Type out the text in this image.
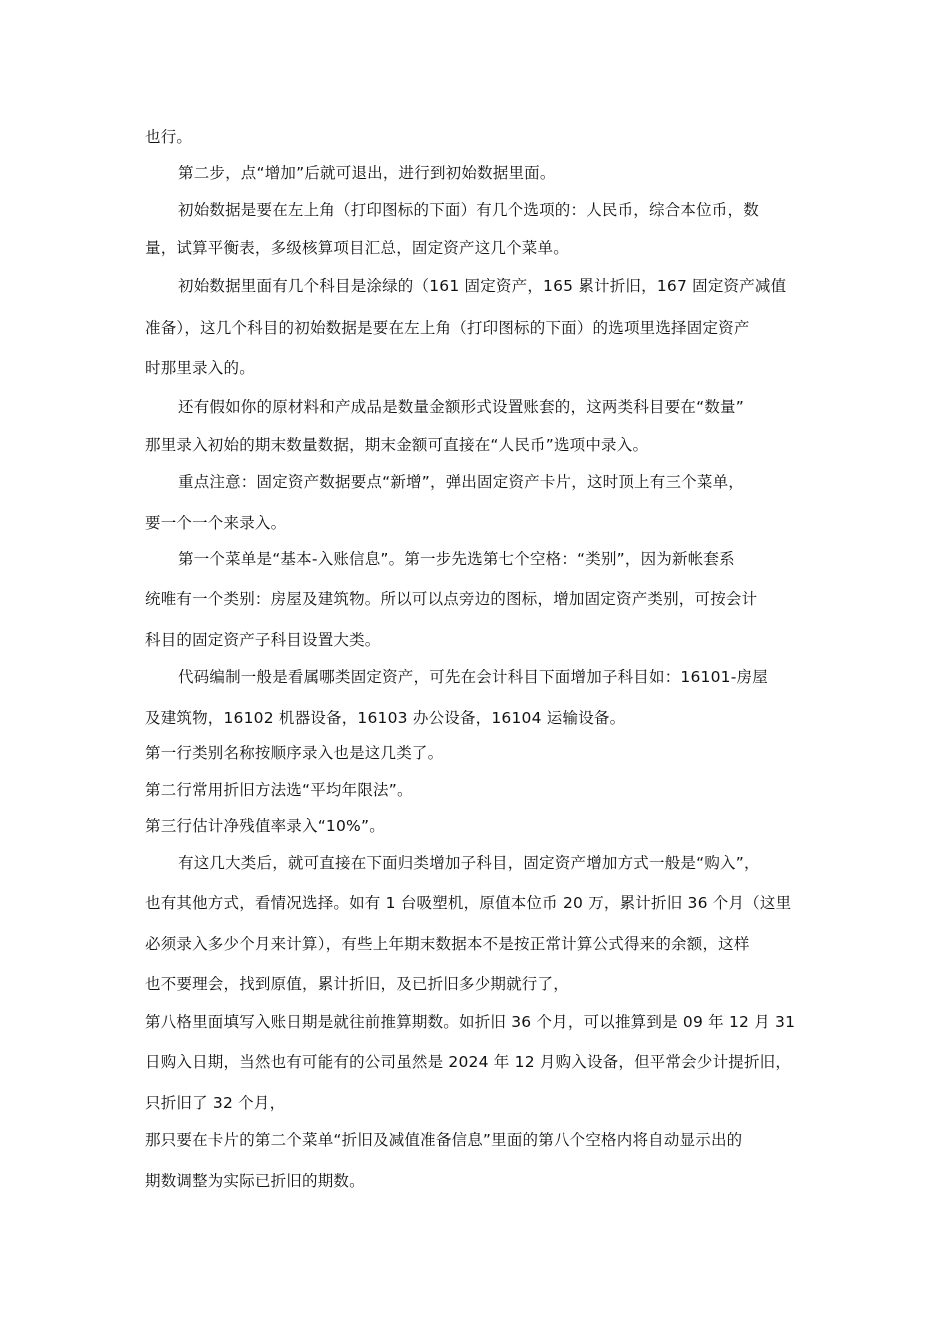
也行。
第二步，点“增加”后就可退出，进行到初始数据里面。
初始数据是要在左上角（打印图标的下面）有几个选项的：人民币，综合本位币，数
量，试算平衡表，多级核算项目汇总，固定资产这几个菜单。
初始数据里面有几个科目是涂绿的（161 固定资产，165 累计折旧，167 固定资产减值
准备），这几个科目的初始数据是要在左上角（打印图标的下面）的选项里选择固定资产
时那里录入的。
还有假如你的原材料和产成品是数量金额形式设置账套的，这两类科目要在“数量”
那里录入初始的期末数量数据，期末金额可直接在“人民币”选项中录入。
重点注意：固定资产数据要点“新增”，弹出固定资产卡片，这时顶上有三个菜单，
要一个一个来录入。
第一个菜单是“基本-入账信息”。第一步先选第七个空格：“类别”，因为新帐套系
统唯有一个类别：房屋及建筑物。所以可以点旁边的图标，增加固定资产类别，可按会计
科目的固定资产子科目设置大类。
代码编制一般是看属哪类固定资产，可先在会计科目下面增加子科目如：16101-房屋
及建筑物，16102 机器设备，16103 办公设备，16104 运输设备。
第一行类别名称按顺序录入也是这几类了。
第二行常用折旧方法选“平均年限法”。
第三行估计净残值率录入“10%”。
有这几大类后，就可直接在下面归类增加子科目，固定资产增加方式一般是“购入”，
也有其他方式，看情况选择。如有 1 台吸塑机，原值本位币 20 万，累计折旧 36 个月（这里
必须录入多少个月来计算），有些上年期末数据本不是按正常计算公式得来的余额，这样
也不要理会，找到原值，累计折旧，及已折旧多少期就行了，
第八格里面填写入账日期是就往前推算期数。如折旧 36 个月，可以推算到是 09 年 12 月 31
日购入日期，当然也有可能有的公司虽然是 2024 年 12 月购入设备，但平常会少计提折旧，
只折旧了 32 个月，
那只要在卡片的第二个菜单“折旧及减值准备信息”里面的第八个空格内将自动显示出的
期数调整为实际已折旧的期数。
